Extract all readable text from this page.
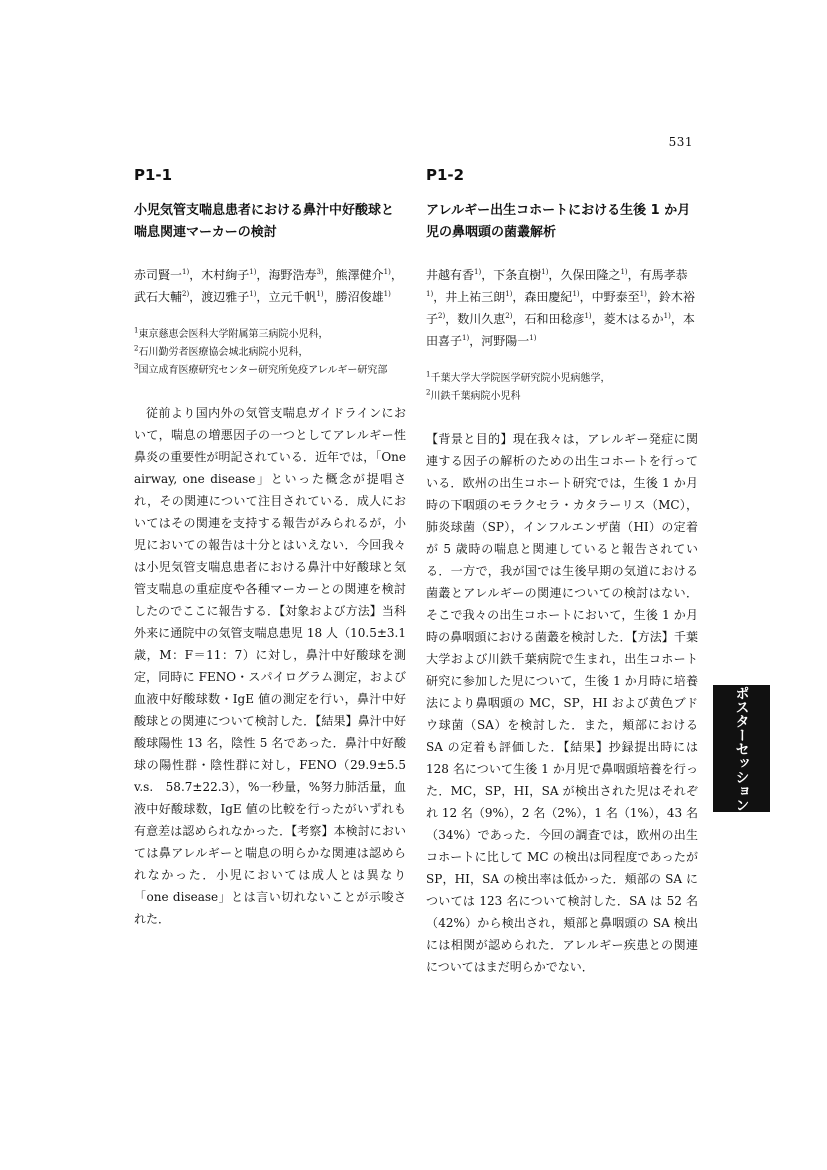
531
P1-1
小児気管支喘息患者における鼻汁中好酸球と喘息関連マーカーの検討
赤司賢一$^{1)}$，木村絢子$^{1)}$，海野浩寿$^{3)}$，熊澤健介$^{1)}$，武石大輔$^{2)}$，渡辺雅子$^{1)}$，立元千帆$^{1)}$，勝沼俊雄$^{1)}$
$^1$東京慈恵会医科大学附属第三病院小児科，
$^2$石川勤労者医療協会城北病院小児科，
$^3$国立成育医療研究センター研究所免疫アレルギー研究部

従前より国内外の気管支喘息ガイドラインにおいて，喘息の増悪因子の一つとしてアレルギー性鼻炎の重要性が明記されている．近年では，「One airway, one disease」といった概念が提唱され，その関連について注目されている．成人においてはその関連を支持する報告がみられるが，小児においての報告は十分とはいえない．今回我々は小児気管支喘息患者における鼻汁中好酸球と気管支喘息の重症度や各種マーカーとの関連を検討したのでここに報告する．【対象および方法】当科外来に通院中の気管支喘息患児 18 人（10.5±3.1 歳，M：F＝11：7）に対し，鼻汁中好酸球を測定，同時に FENO・スパイログラム測定，および血液中好酸球数・IgE 値の測定を行い，鼻汁中好酸球との関連について検討した．【結果】鼻汁中好酸球陽性 13 名，陰性 5 名であった．鼻汁中好酸球の陽性群・陰性群に対し，FENO（29.9±5.5　v.s.　58.7±22.3），%一秒量，%努力肺活量，血液中好酸球数，IgE 値の比較を行ったがいずれも有意差は認められなかった．【考察】本検討においては鼻アレルギーと喘息の明らかな関連は認められなかった．小児においては成人とは異なり「one disease」とは言い切れないことが示唆された．

P1-2
アレルギー出生コホートにおける生後 1 か月児の鼻咽頭の菌叢解析
井越有香$^{1)}$，下条直樹$^{1)}$，久保田隆之$^{1)}$，有馬孝恭$^{1)}$，井上祐三朗$^{1)}$，森田慶紀$^{1)}$，中野泰至$^{1)}$，鈴木裕子$^{2)}$，数川久恵$^{2)}$，石和田稔彦$^{1)}$，菱木はるか$^{1)}$，本田喜子$^{1)}$，河野陽一$^{1)}$
$^1$千葉大学大学院医学研究院小児病態学，
$^2$川鉄千葉病院小児科

【背景と目的】現在我々は，アレルギー発症に関連する因子の解析のための出生コホートを行っている．欧州の出生コホート研究では，生後 1 か月時の下咽頭のモラクセラ・カタラーリス（MC），肺炎球菌（SP），インフルエンザ菌（HI）の定着が 5 歳時の喘息と関連していると報告されている．一方で，我が国では生後早期の気道における菌叢とアレルギーの関連についての検討はない．そこで我々の出生コホートにおいて，生後 1 か月時の鼻咽頭における菌叢を検討した．【方法】千葉大学および川鉄千葉病院で生まれ，出生コホート研究に参加した児について，生後 1 か月時に培養法により鼻咽頭の MC，SP，HI および黄色ブドウ球菌（SA）を検討した．また，頬部における SA の定着も評価した．【結果】抄録提出時には 128 名について生後 1 か月児で鼻咽頭培養を行った．MC，SP，HI，SA が検出された児はそれぞれ 12 名（9%），2 名（2%），1 名（1%），43 名（34%）であった．今回の調査では，欧州の出生コホートに比して MC の検出は同程度であったが SP，HI，SA の検出率は低かった．頬部の SA については 123 名について検討した．SA は 52 名（42%）から検出され，頬部と鼻咽頭の SA 検出には相関が認められた．アレルギー疾患との関連についてはまだ明らかでない．

ポスターセッション
